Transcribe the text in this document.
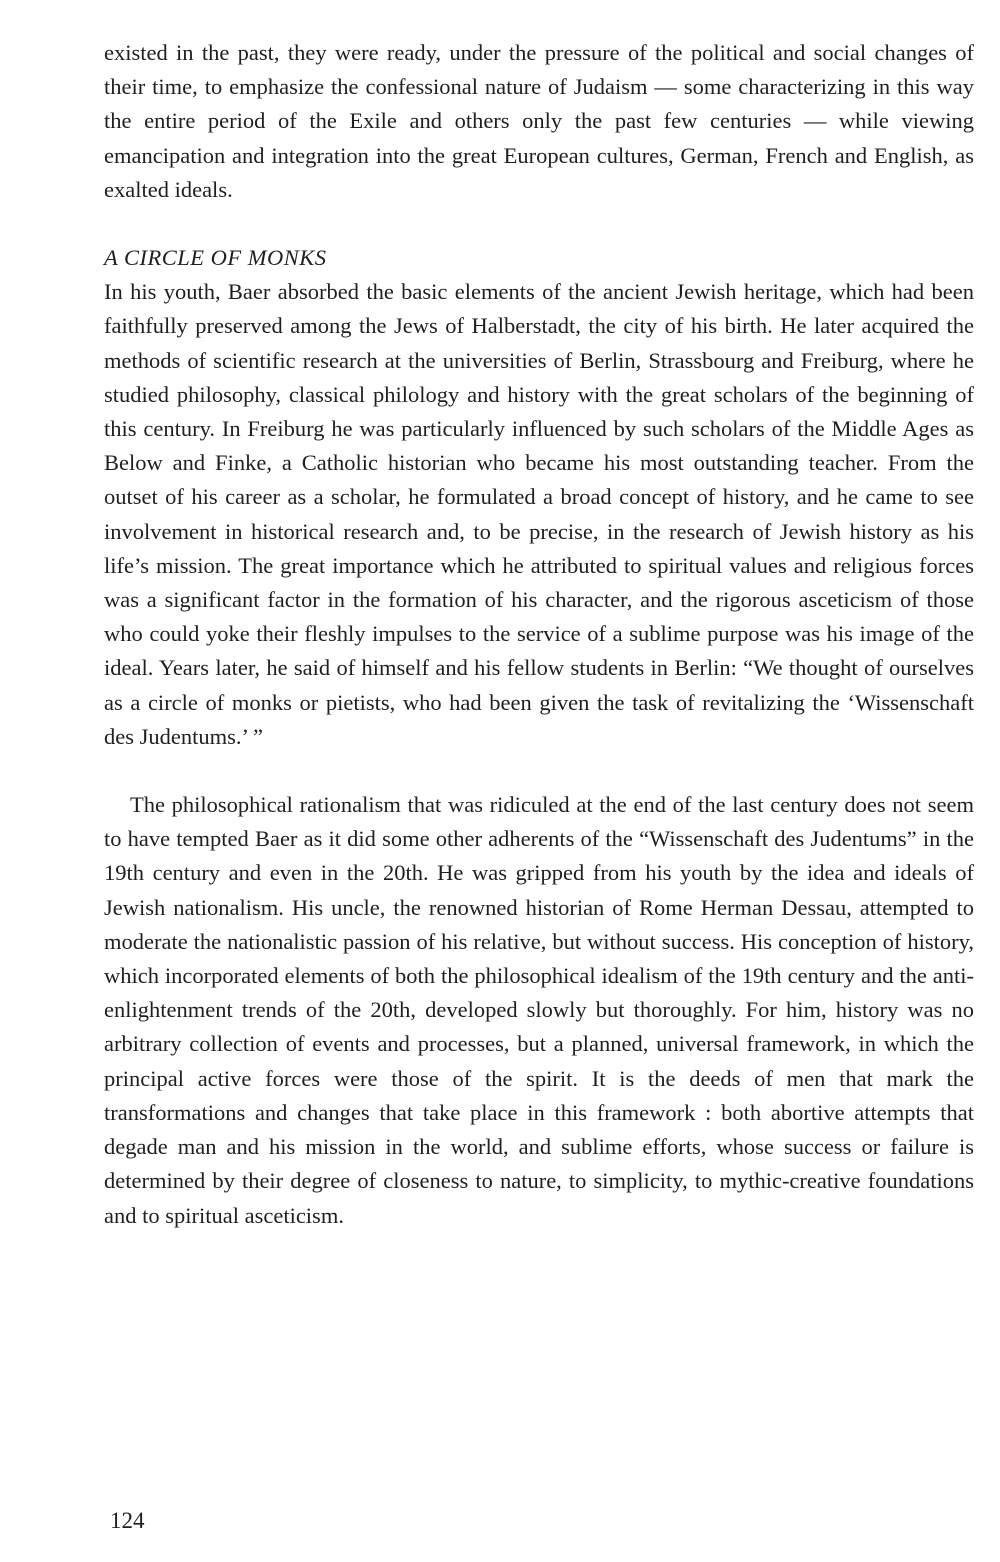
existed in the past, they were ready, under the pressure of the political and social changes of their time, to emphasize the confessional nature of Judaism — some characterizing in this way the entire period of the Exile and others only the past few centuries — while viewing emancipation and integration into the great European cultures, German, French and English, as exalted ideals.

A CIRCLE OF MONKS

In his youth, Baer absorbed the basic elements of the ancient Jewish heritage, which had been faithfully preserved among the Jews of Halberstadt, the city of his birth. He later acquired the methods of scientific research at the universities of Berlin, Strassbourg and Freiburg, where he studied philosophy, classical philology and history with the great scholars of the beginning of this century. In Freiburg he was particularly influenced by such scholars of the Middle Ages as Below and Finke, a Catholic historian who became his most outstanding teacher. From the outset of his career as a scholar, he formulated a broad concept of history, and he came to see involvement in historical research and, to be precise, in the research of Jewish history as his life’s mission. The great importance which he attributed to spiritual values and religious forces was a significant factor in the formation of his character, and the rigorous asceticism of those who could yoke their fleshly impulses to the service of a sublime purpose was his image of the ideal. Years later, he said of himself and his fellow students in Berlin: “We thought of ourselves as a circle of monks or pietists, who had been given the task of revitalizing the ‘Wissenschaft des Judentums.’ ”

The philosophical rationalism that was ridiculed at the end of the last century does not seem to have tempted Baer as it did some other adherents of the “Wissenschaft des Judentums” in the 19th century and even in the 20th. He was gripped from his youth by the idea and ideals of Jewish nationalism. His uncle, the renowned historian of Rome Herman Dessau, attempted to moderate the nationalistic passion of his relative, but without success. His conception of history, which incorporated elements of both the philosophical idealism of the 19th century and the anti-enlightenment trends of the 20th, developed slowly but thoroughly. For him, history was no arbitrary collection of events and processes, but a planned, universal framework, in which the principal active forces were those of the spirit. It is the deeds of men that mark the transformations and changes that take place in this framework : both abortive attempts that degade man and his mission in the world, and sublime efforts, whose success or failure is determined by their degree of closeness to nature, to simplicity, to mythic-creative foundations and to spiritual asceticism.

124
